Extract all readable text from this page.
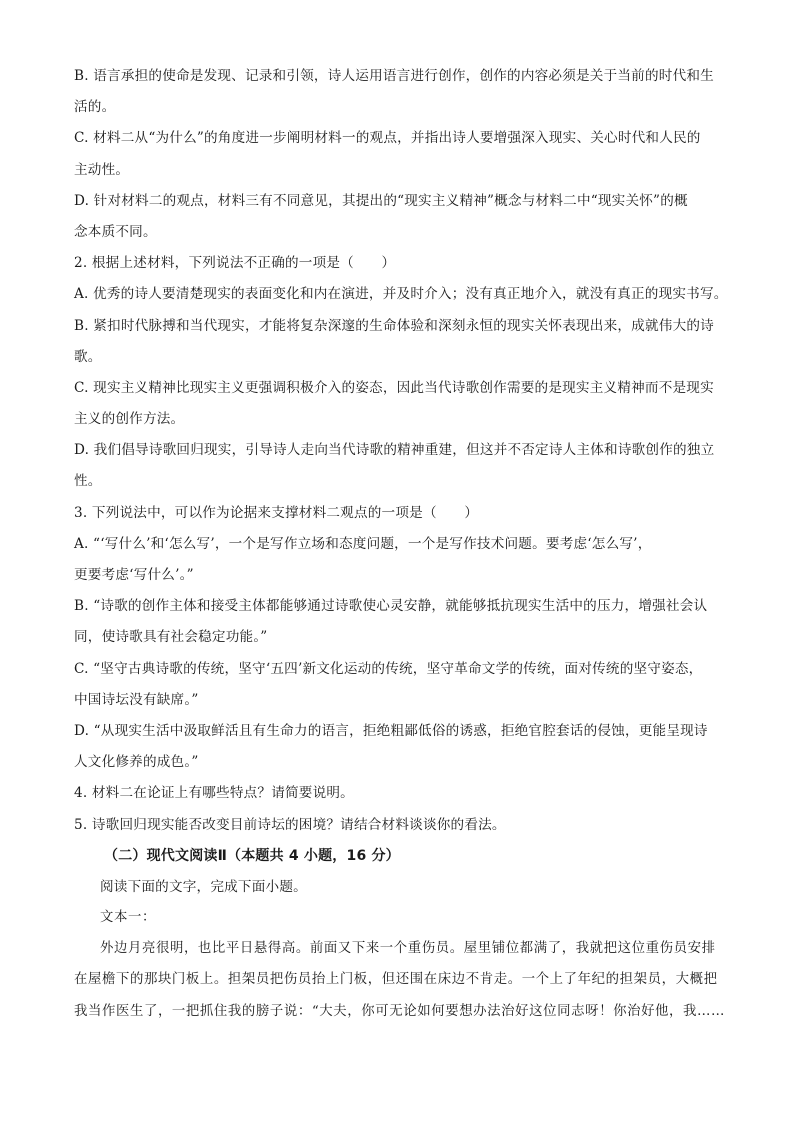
B. 语言承担的使命是发现、记录和引领，诗人运用语言进行创作，创作的内容必须是关于当前的时代和生
活的。
C. 材料二从“为什么”的角度进一步阐明材料一的观点，并指出诗人要增强深入现实、关心时代和人民的
主动性。
D. 针对材料二的观点，材料三有不同意见，其提出的“现实主义精神”概念与材料二中“现实关怀”的概
念本质不同。
2. 根据上述材料，下列说法不正确的一项是（　　）
A. 优秀的诗人要清楚现实的表面变化和内在演进，并及时介入；没有真正地介入，就没有真正的现实书写。
B. 紧扣时代脉搏和当代现实，才能将复杂深邃的生命体验和深刻永恒的现实关怀表现出来，成就伟大的诗
歌。
C. 现实主义精神比现实主义更强调积极介入的姿态，因此当代诗歌创作需要的是现实主义精神而不是现实
主义的创作方法。
D. 我们倡导诗歌回归现实，引导诗人走向当代诗歌的精神重建，但这并不否定诗人主体和诗歌创作的独立
性。
3. 下列说法中，可以作为论据来支撑材料二观点的一项是（　　）
A. “‘写什么’和‘怎么写’，一个是写作立场和态度问题，一个是写作技术问题。要考虑‘怎么写’，
更要考虑‘写什么’。”
B. “诗歌的创作主体和接受主体都能够通过诗歌使心灵安静，就能够抵抗现实生活中的压力，增强社会认
同，使诗歌具有社会稳定功能。”
C. “坚守古典诗歌的传统，坚守‘五四’新文化运动的传统，坚守革命文学的传统，面对传统的坚守姿态，
中国诗坛没有缺席。”
D. “从现实生活中汲取鲜活且有生命力的语言，拒绝粗鄙低俗的诱惑，拒绝官腔套话的侵蚀，更能呈现诗
人文化修养的成色。”
4. 材料二在论证上有哪些特点？请简要说明。
5. 诗歌回归现实能否改变目前诗坛的困境？请结合材料谈谈你的看法。
（二）现代文阅读Ⅱ（本题共 4 小题，16 分）
阅读下面的文字，完成下面小题。
文本一：
外边月亮很明，也比平日悬得高。前面又下来一个重伤员。屋里铺位都满了，我就把这位重伤员安排
在屋檐下的那块门板上。担架员把伤员抬上门板，但还围在床边不肯走。一个上了年纪的担架员，大概把
我当作医生了，一把抓住我的膀子说：“大夫，你可无论如何要想办法治好这位同志呀！你治好他，我……
